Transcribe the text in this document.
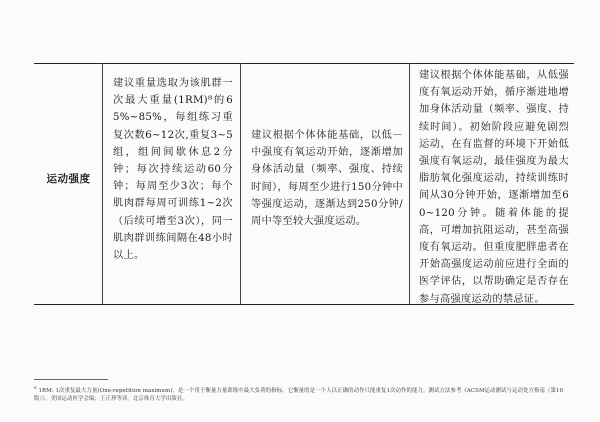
运动强度
建议重量选取为该肌群一次最大重量(1RM)⁸的65%~85%，每组练习重复次数6~12次,重复3~5组，组间间歇休息2分钟；每次持续运动60分钟；每周至少3次；每个肌肉群每周可训练1~2次（后续可增至3次），同一肌肉群训练间隔在48小时以上。
建议根据个体体能基础，以低－中强度有氧运动开始，逐渐增加身体活动量（频率、强度、持续时间），每周至少进行150分钟中等强度运动，逐渐达到250分钟/周中等至较大强度运动。
建议根据个体体能基础，从低强度有氧运动开始，循序渐进地增加身体活动量（频率、强度、持续时间）。初始阶段应避免剧烈运动，在有监督的环境下开始低强度有氧运动，最佳强度为最大脂肪氧化强度运动，持续训练时间从30分钟开始，逐渐增加至60~120分钟。随着体能的提高，可增加抗阻运动，甚至高强度有氧运动。但重度肥胖患者在开始高强度运动前应进行全面的医学评估，以帮助确定是否存在参与高强度运动的禁忌证。
$^8$ 1RM: 1次重复最大力量(One-repetition maximum)，是一个用于衡量力量训练中最大负荷的指标。它衡量的是一个人以正确的动作只能重复1次动作的能力。测试方法参考《ACSM运动测试与运动处方指南（第10版）》。美国运动医学会编；王正珍等译。北京体育大学出版社。
